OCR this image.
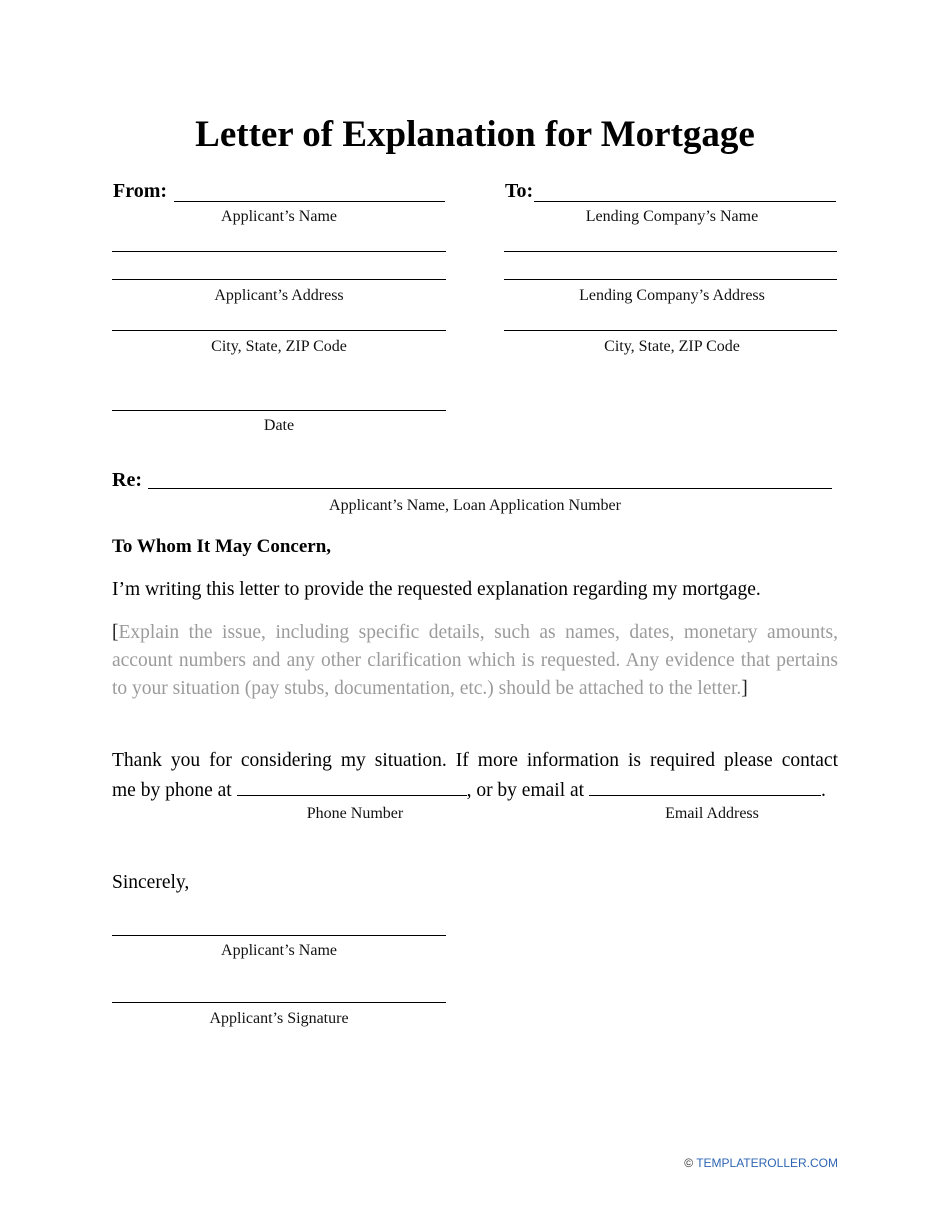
Letter of Explanation for Mortgage
From:
Applicant’s Name
Applicant’s Address
City, State, ZIP Code
Date
To:
Lending Company’s Name
Lending Company’s Address
City, State, ZIP Code
Re:
Applicant’s Name, Loan Application Number
To Whom It May Concern,
I’m writing this letter to provide the requested explanation regarding my mortgage.
[Explain the issue, including specific details, such as names, dates, monetary amounts, account numbers and any other clarification which is requested. Any evidence that pertains to your situation (pay stubs, documentation, etc.) should be attached to the letter.]
Thank you for considering my situation. If more information is required please contact
me by phone at	, or by email at	.
Phone Number	Email Address
Sincerely,
Applicant’s Name
Applicant’s Signature
© TEMPLATEROLLER.COM
